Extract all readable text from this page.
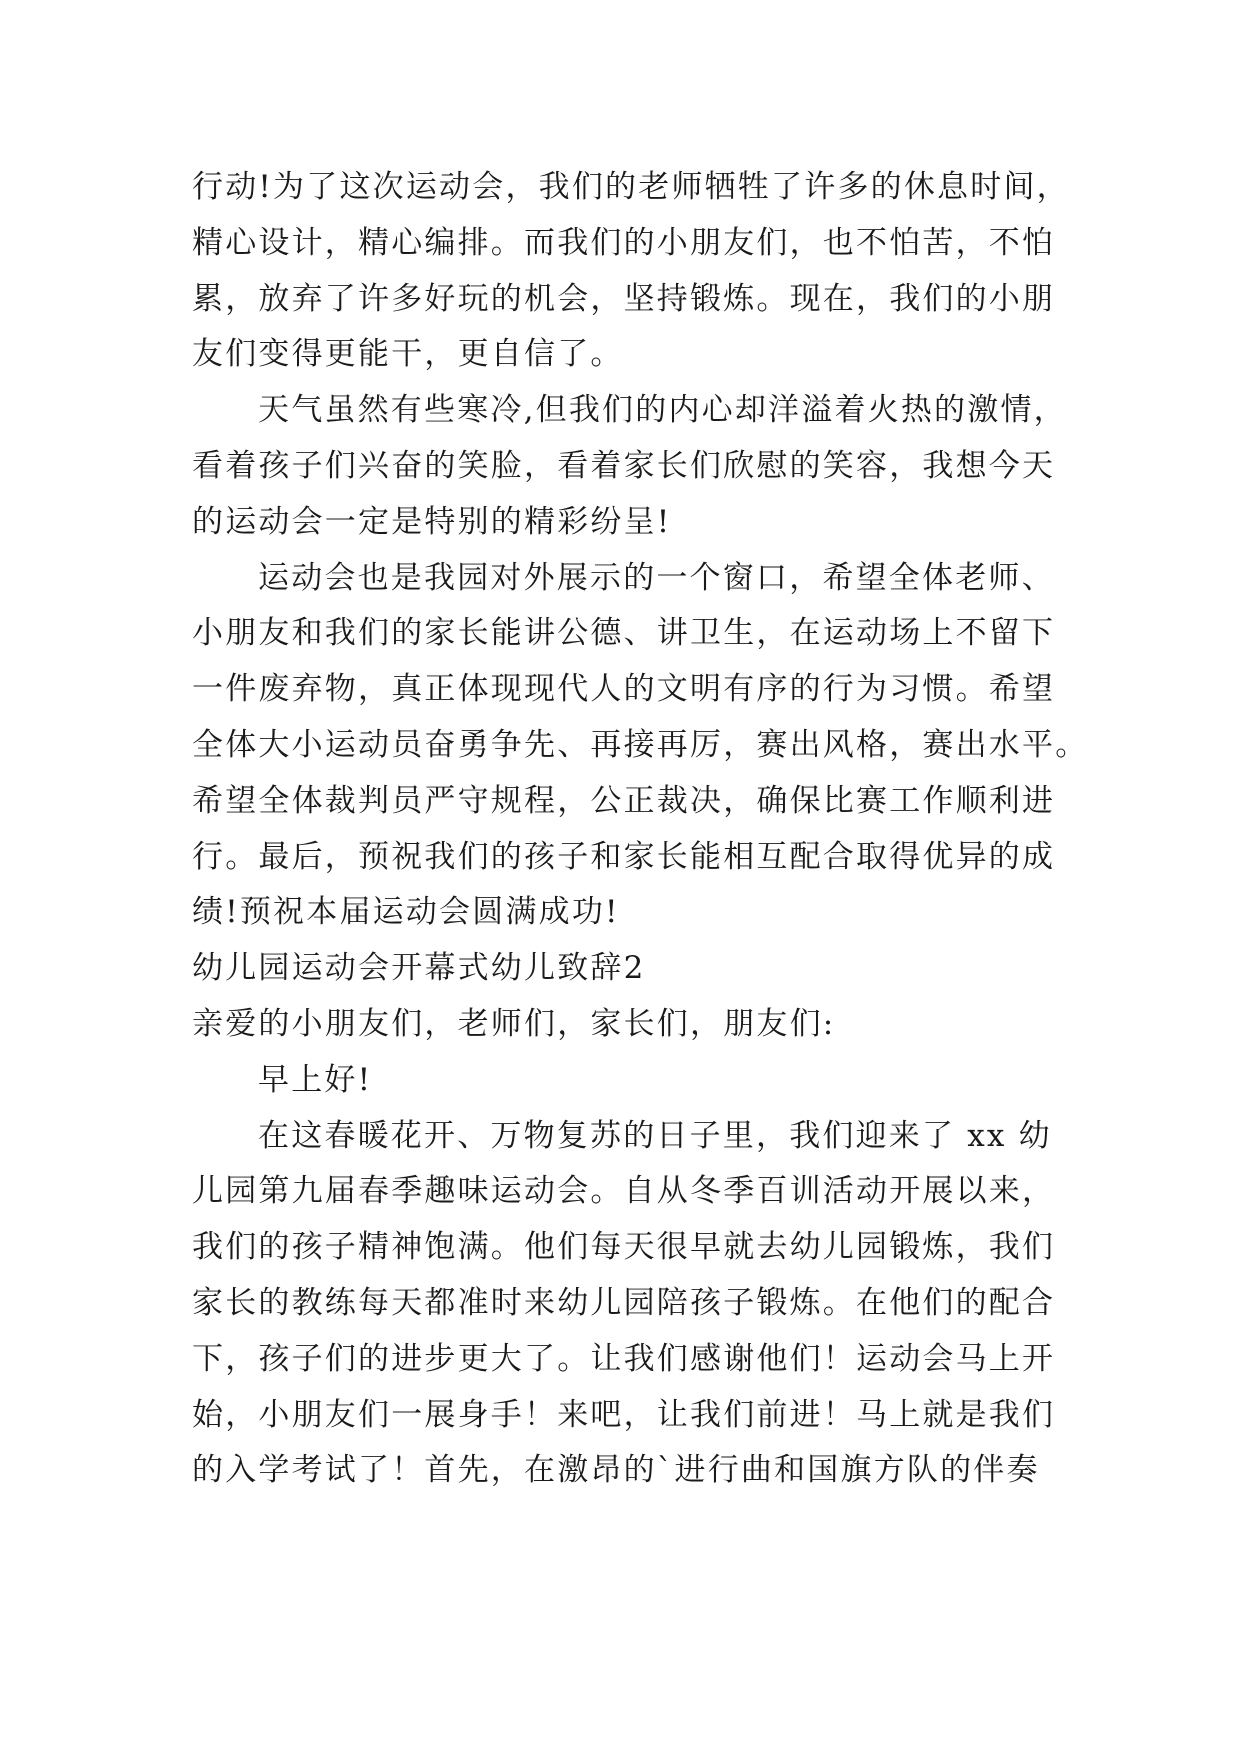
行动!为了这次运动会，我们的老师牺牲了许多的休息时间，
精心设计，精心编排。而我们的小朋友们，也不怕苦，不怕
累，放弃了许多好玩的机会，坚持锻炼。现在，我们的小朋
友们变得更能干，更自信了。
天气虽然有些寒冷,但我们的内心却洋溢着火热的激情，
看着孩子们兴奋的笑脸，看着家长们欣慰的笑容，我想今天
的运动会一定是特别的精彩纷呈!
运动会也是我园对外展示的一个窗口，希望全体老师、
小朋友和我们的家长能讲公德、讲卫生，在运动场上不留下
一件废弃物，真正体现现代人的文明有序的行为习惯。希望
全体大小运动员奋勇争先、再接再厉，赛出风格，赛出水平。
希望全体裁判员严守规程，公正裁决，确保比赛工作顺利进
行。最后，预祝我们的孩子和家长能相互配合取得优异的成
绩!预祝本届运动会圆满成功!
幼儿园运动会开幕式幼儿致辞2
亲爱的小朋友们，老师们，家长们，朋友们:
早上好!
在这春暖花开、万物复苏的日子里，我们迎来了 xx 幼
儿园第九届春季趣味运动会。自从冬季百训活动开展以来，
我们的孩子精神饱满。他们每天很早就去幼儿园锻炼，我们
家长的教练每天都准时来幼儿园陪孩子锻炼。在他们的配合
下，孩子们的进步更大了。让我们感谢他们！运动会马上开
始，小朋友们一展身手！来吧，让我们前进！马上就是我们
的入学考试了！首先，在激昂的`进行曲和国旗方队的伴奏
